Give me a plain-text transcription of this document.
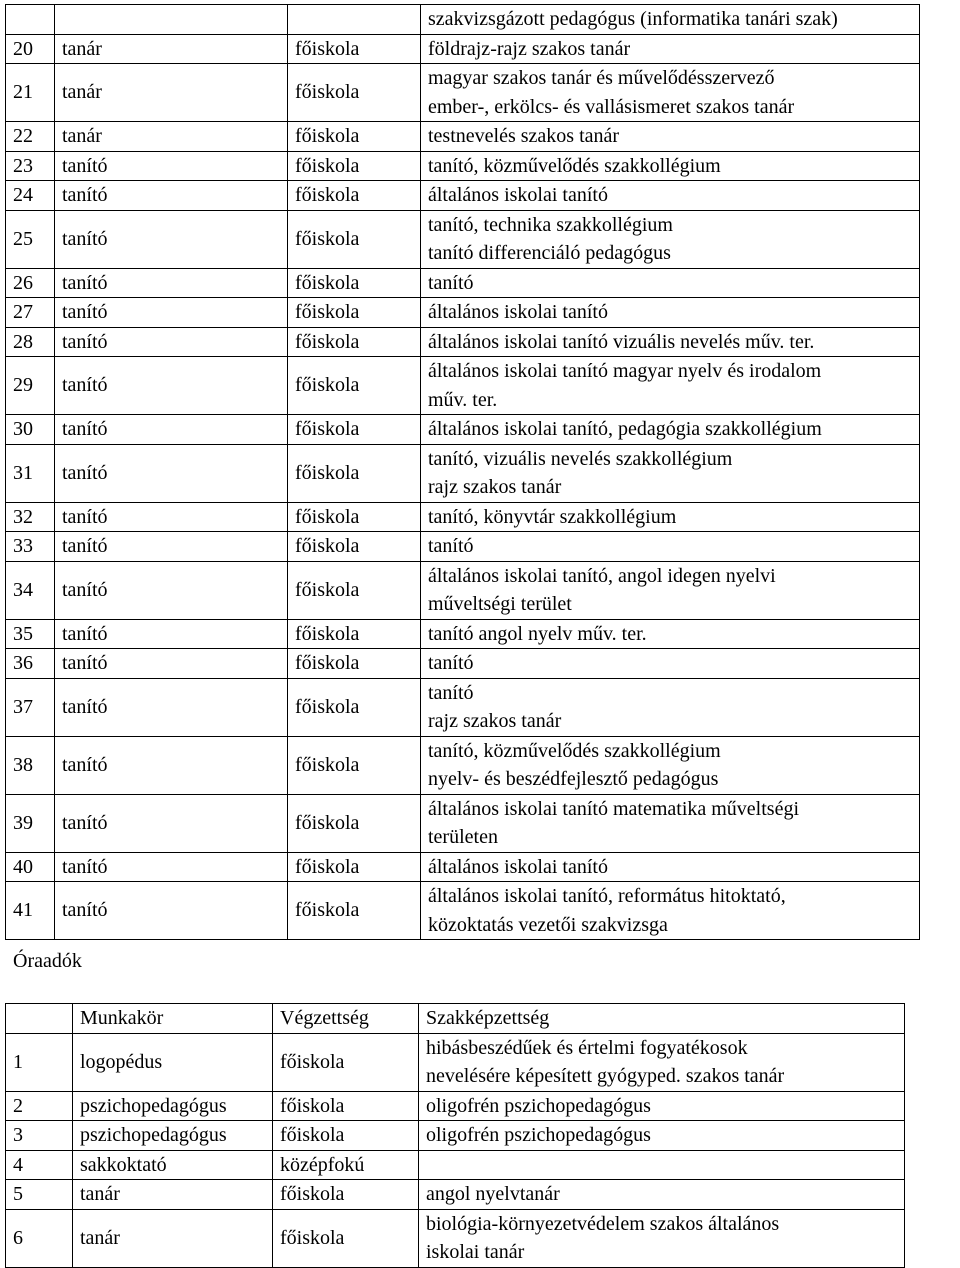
			szakvizsgázott pedagógus (informatika tanári szak)

20	tanár	főiskola	földrajz-rajz szakos tanár

21	tanár	főiskola	magyar szakos tanár és művelődésszervező
ember-, erkölcs- és vallásismeret szakos tanár

22	tanár	főiskola	testnevelés szakos tanár

23	tanító	főiskola	tanító, közművelődés szakkollégium

24	tanító	főiskola	általános iskolai tanító

25	tanító	főiskola	tanító, technika szakkollégium
tanító differenciáló pedagógus

26	tanító	főiskola	tanító

27	tanító	főiskola	általános iskolai tanító

28	tanító	főiskola	általános iskolai tanító vizuális nevelés műv. ter.

29	tanító	főiskola	általános iskolai tanító magyar nyelv és irodalom
műv. ter.

30	tanító	főiskola	általános iskolai tanító, pedagógia szakkollégium

31	tanító	főiskola	tanító, vizuális nevelés szakkollégium
rajz szakos tanár

32	tanító	főiskola	tanító, könyvtár szakkollégium

33	tanító	főiskola	tanító

34	tanító	főiskola	általános iskolai tanító, angol idegen nyelvi
műveltségi terület

35	tanító	főiskola	tanító angol nyelv műv. ter.

36	tanító	főiskola	tanító

37	tanító	főiskola	tanító
rajz szakos tanár

38	tanító	főiskola	tanító, közművelődés szakkollégium
nyelv- és beszédfejlesztő pedagógus

39	tanító	főiskola	általános iskolai tanító matematika műveltségi
területen

40	tanító	főiskola	általános iskolai tanító

41	tanító	főiskola	általános iskolai tanító, református hitoktató,
közoktatás vezetői szakvizsga
Óraadók
	Munkakör	Végzettség	Szakképzettség
1	logopédus	főiskola	hibásbeszédűek és értelmi fogyatékosok
nevelésére képesített gyógyped. szakos tanár

2	pszichopedagógus	főiskola	oligofrén pszichopedagógus

3	pszichopedagógus	főiskola	oligofrén pszichopedagógus

4	sakkoktató	középfokú	

5	tanár	főiskola	angol nyelvtanár

6	tanár	főiskola	biológia-környezetvédelem szakos általános
iskolai tanár
